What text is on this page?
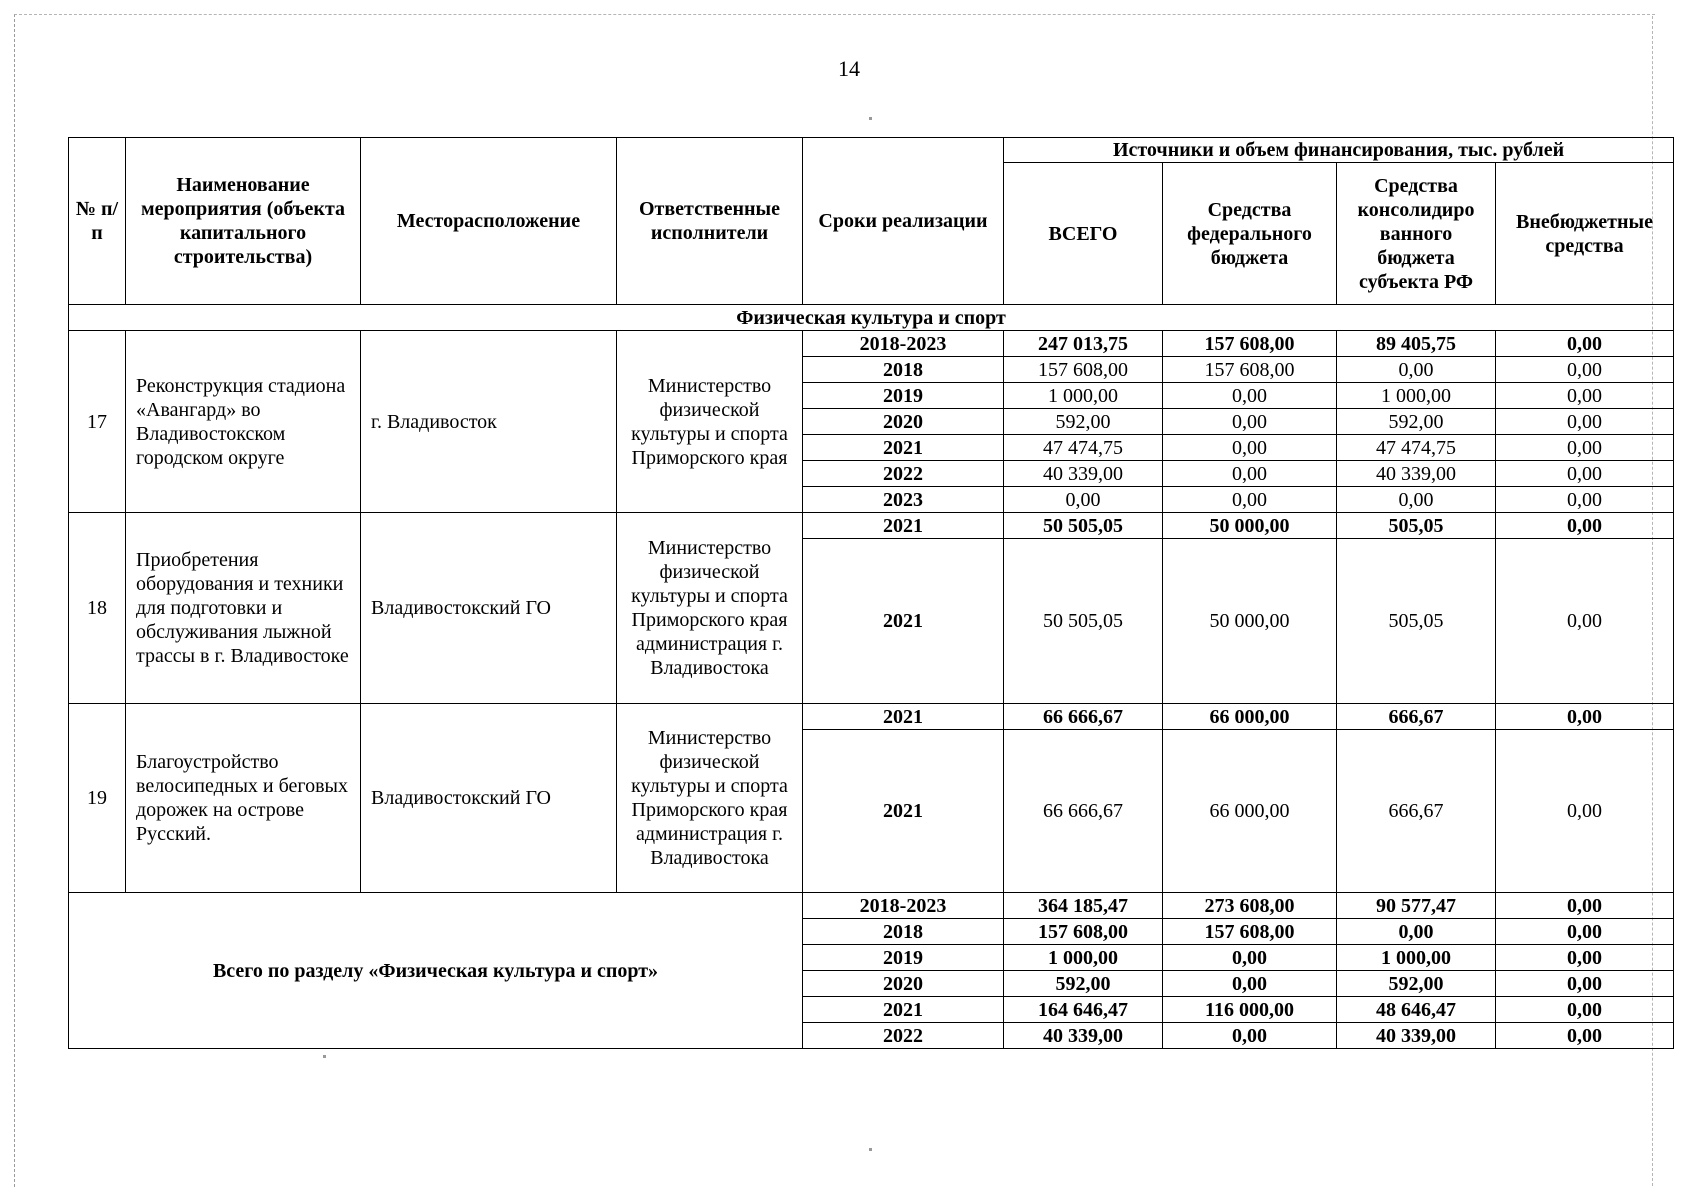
14
№ п/п	Наименование мероприятия (объекта капитального строительства)	Месторасположение	Ответственные исполнители	Сроки реализации	Источники и объем финансирования, тыс. рублей			
					ВСЕГО	Средства федерального бюджета	Средства консолидиро ванного бюджета субъекта РФ	Внебюджетные средства
Физическая культура и спорт								
17	Реконструкция стадиона «Авангард» во Владивостокском городском округе	г. Владивосток	Министерство физической культуры и спорта Приморского края	2018-2023	247 013,75	157 608,00	89 405,75	0,00
				2018	157 608,00	157 608,00	0,00	0,00
				2019	1 000,00	0,00	1 000,00	0,00
				2020	592,00	0,00	592,00	0,00
				2021	47 474,75	0,00	47 474,75	0,00
				2022	40 339,00	0,00	40 339,00	0,00
				2023	0,00	0,00	0,00	0,00
18	Приобретения оборудования и техники для подготовки и обслуживания лыжной трассы в г. Владивостоке	Владивостокский ГО	Министерство физической культуры и спорта Приморского края администрация г. Владивостока	2021	50 505,05	50 000,00	505,05	0,00
				2021	50 505,05	50 000,00	505,05	0,00
19	Благоустройство велосипедных и беговых дорожек на острове Русский.	Владивостокский ГО	Министерство физической культуры и спорта Приморского края администрация г. Владивостока	2021	66 666,67	66 000,00	666,67	0,00
				2021	66 666,67	66 000,00	666,67	0,00
Всего по разделу «Физическая культура и спорт»				2018-2023	364 185,47	273 608,00	90 577,47	0,00
				2018	157 608,00	157 608,00	0,00	0,00
				2019	1 000,00	0,00	1 000,00	0,00
				2020	592,00	0,00	592,00	0,00
				2021	164 646,47	116 000,00	48 646,47	0,00
				2022	40 339,00	0,00	40 339,00	0,00
